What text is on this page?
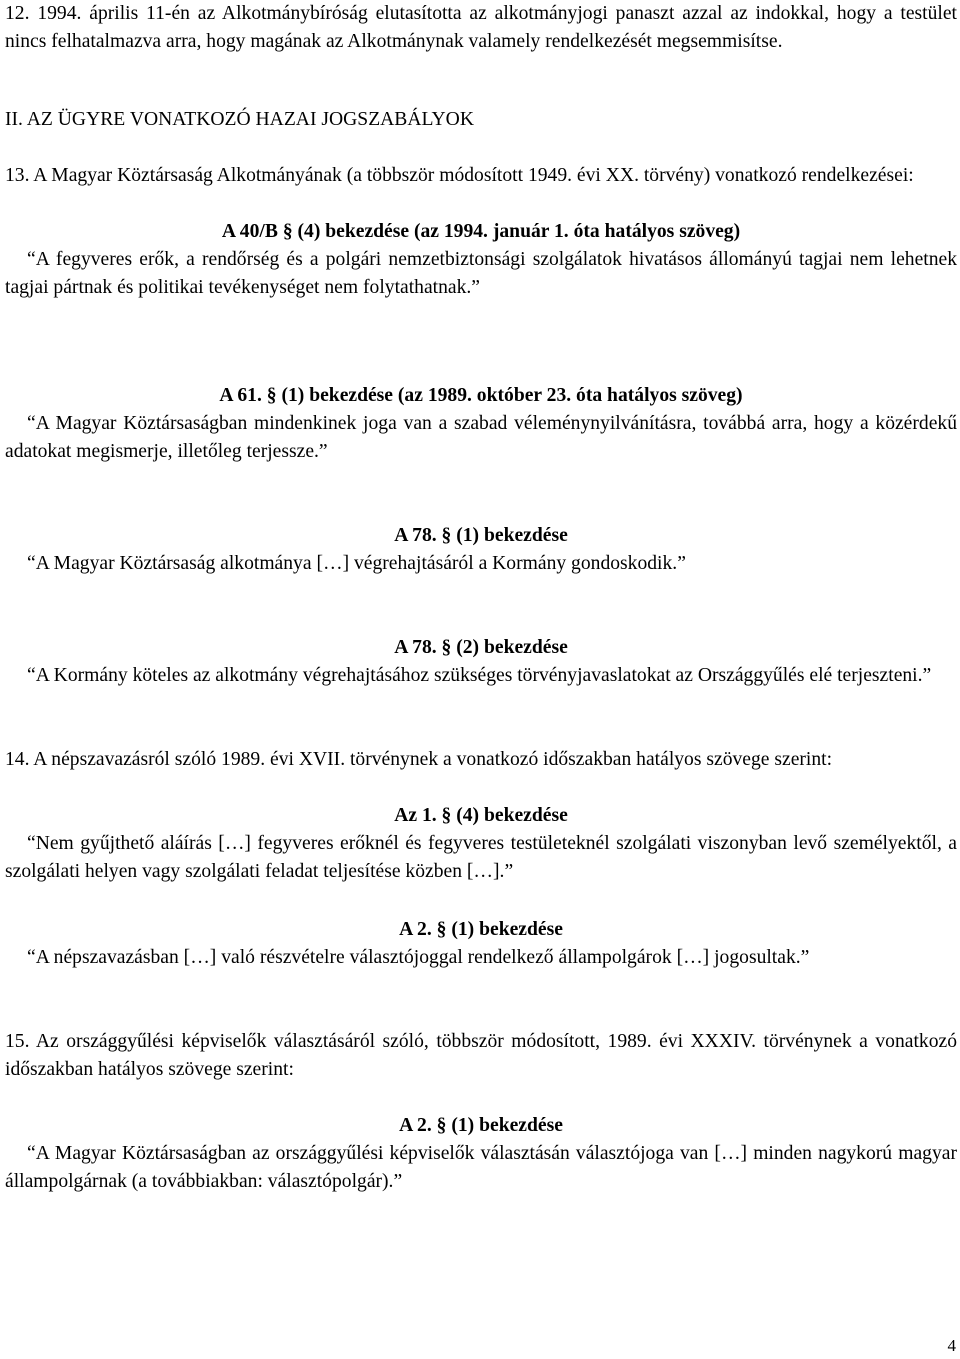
12. 1994. április 11-én az Alkotmánybíróság elutasította az alkotmányjogi panaszt azzal az indokkal, hogy a testület nincs felhatalmazva arra, hogy magának az Alkotmánynak valamely rendelkezését megsemmisítse.

II. AZ ÜGYRE VONATKOZÓ HAZAI JOGSZABÁLYOK

13. A Magyar Köztársaság Alkotmányának (a többször módosított 1949. évi XX. törvény) vonatkozó rendelkezései:

A 40/B § (4) bekezdése (az 1994. január 1. óta hatályos szöveg)

“A fegyveres erők, a rendőrség és a polgári nemzetbiztonsági szolgálatok hivatásos állományú tagjai nem lehetnek tagjai pártnak és politikai tevékenységet nem folytathatnak.”

A 61. § (1) bekezdése (az 1989. október 23. óta hatályos szöveg)

“A Magyar Köztársaságban mindenkinek joga van a szabad véleménynyilvánításra, továbbá arra, hogy a közérdekű adatokat megismerje, illetőleg terjessze.”

A 78. § (1) bekezdése

“A Magyar Köztársaság alkotmánya […] végrehajtásáról a Kormány gondoskodik.”

A 78. § (2) bekezdése

“A Kormány köteles az alkotmány végrehajtásához szükséges törvényjavaslatokat az Országgyűlés elé terjeszteni.”

14. A népszavazásról szóló 1989. évi XVII. törvénynek a vonatkozó időszakban hatályos szövege szerint:

Az 1. § (4) bekezdése

“Nem gyűjthető aláírás […] fegyveres erőknél és fegyveres testületeknél szolgálati viszonyban levő személyektől, a szolgálati helyen vagy szolgálati feladat teljesítése közben […].”

A 2. § (1) bekezdése

“A népszavazásban […] való részvételre választójoggal rendelkező állampolgárok […] jogosultak.”

15. Az országgyűlési képviselők választásáról szóló, többször módosított, 1989. évi XXXIV. törvénynek a vonatkozó időszakban hatályos szövege szerint:

A 2. § (1) bekezdése

“A Magyar Köztársaságban az országgyűlési képviselők választásán választójoga van […] minden nagykorú magyar állampolgárnak (a továbbiakban: választópolgár).”

4
